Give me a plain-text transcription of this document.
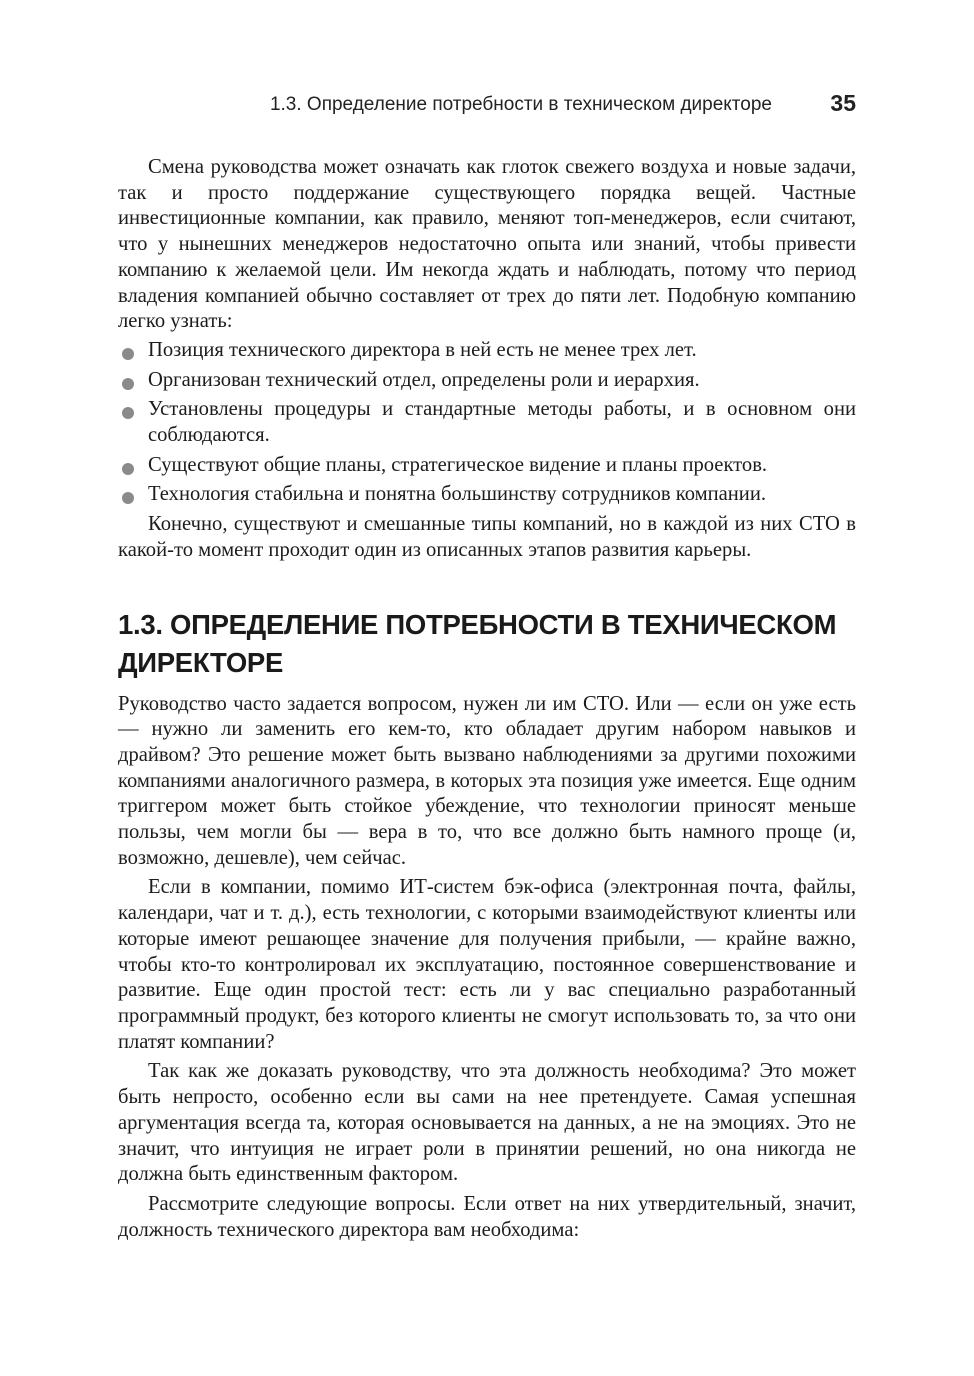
1.3. Определение потребности в техническом директоре	35

Смена руководства может означать как глоток свежего воздуха и новые задачи, так и просто поддержание существующего порядка вещей. Частные инвестиционные компании, как правило, меняют топ-менеджеров, если считают, что у нынешних менеджеров недостаточно опыта или знаний, чтобы привести компанию к желаемой цели. Им некогда ждать и наблюдать, потому что период владения компанией обычно составляет от трех до пяти лет. Подобную компанию легко узнать:

Позиция технического директора в ней есть не менее трех лет.
Организован технический отдел, определены роли и иерархия.
Установлены процедуры и стандартные методы работы, и в основном они соблюдаются.
Существуют общие планы, стратегическое видение и планы проектов.
Технология стабильна и понятна большинству сотрудников компании.

Конечно, существуют и смешанные типы компаний, но в каждой из них СТО в какой-то момент проходит один из описанных этапов развития карьеры.

1.3. ОПРЕДЕЛЕНИЕ ПОТРЕБНОСТИ В ТЕХНИЧЕСКОМ ДИРЕКТОРЕ

Руководство часто задается вопросом, нужен ли им СТО. Или — если он уже есть — нужно ли заменить его кем-то, кто обладает другим набором навыков и драйвом? Это решение может быть вызвано наблюдениями за другими похожими компаниями аналогичного размера, в которых эта позиция уже имеется. Еще одним триггером может быть стойкое убеждение, что технологии приносят меньше пользы, чем могли бы — вера в то, что все должно быть намного проще (и, возможно, дешевле), чем сейчас.

Если в компании, помимо ИТ-систем бэк-офиса (электронная почта, файлы, календари, чат и т. д.), есть технологии, с которыми взаимодействуют клиенты или которые имеют решающее значение для получения прибыли, — крайне важно, чтобы кто-то контролировал их эксплуатацию, постоянное совершенствование и развитие. Еще один простой тест: есть ли у вас специально разработанный программный продукт, без которого клиенты не смогут использовать то, за что они платят компании?

Так как же доказать руководству, что эта должность необходима? Это может быть непросто, особенно если вы сами на нее претендуете. Самая успешная аргументация всегда та, которая основывается на данных, а не на эмоциях. Это не значит, что интуиция не играет роли в принятии решений, но она никогда не должна быть единственным фактором.

Рассмотрите следующие вопросы. Если ответ на них утвердительный, значит, должность технического директора вам необходима:
